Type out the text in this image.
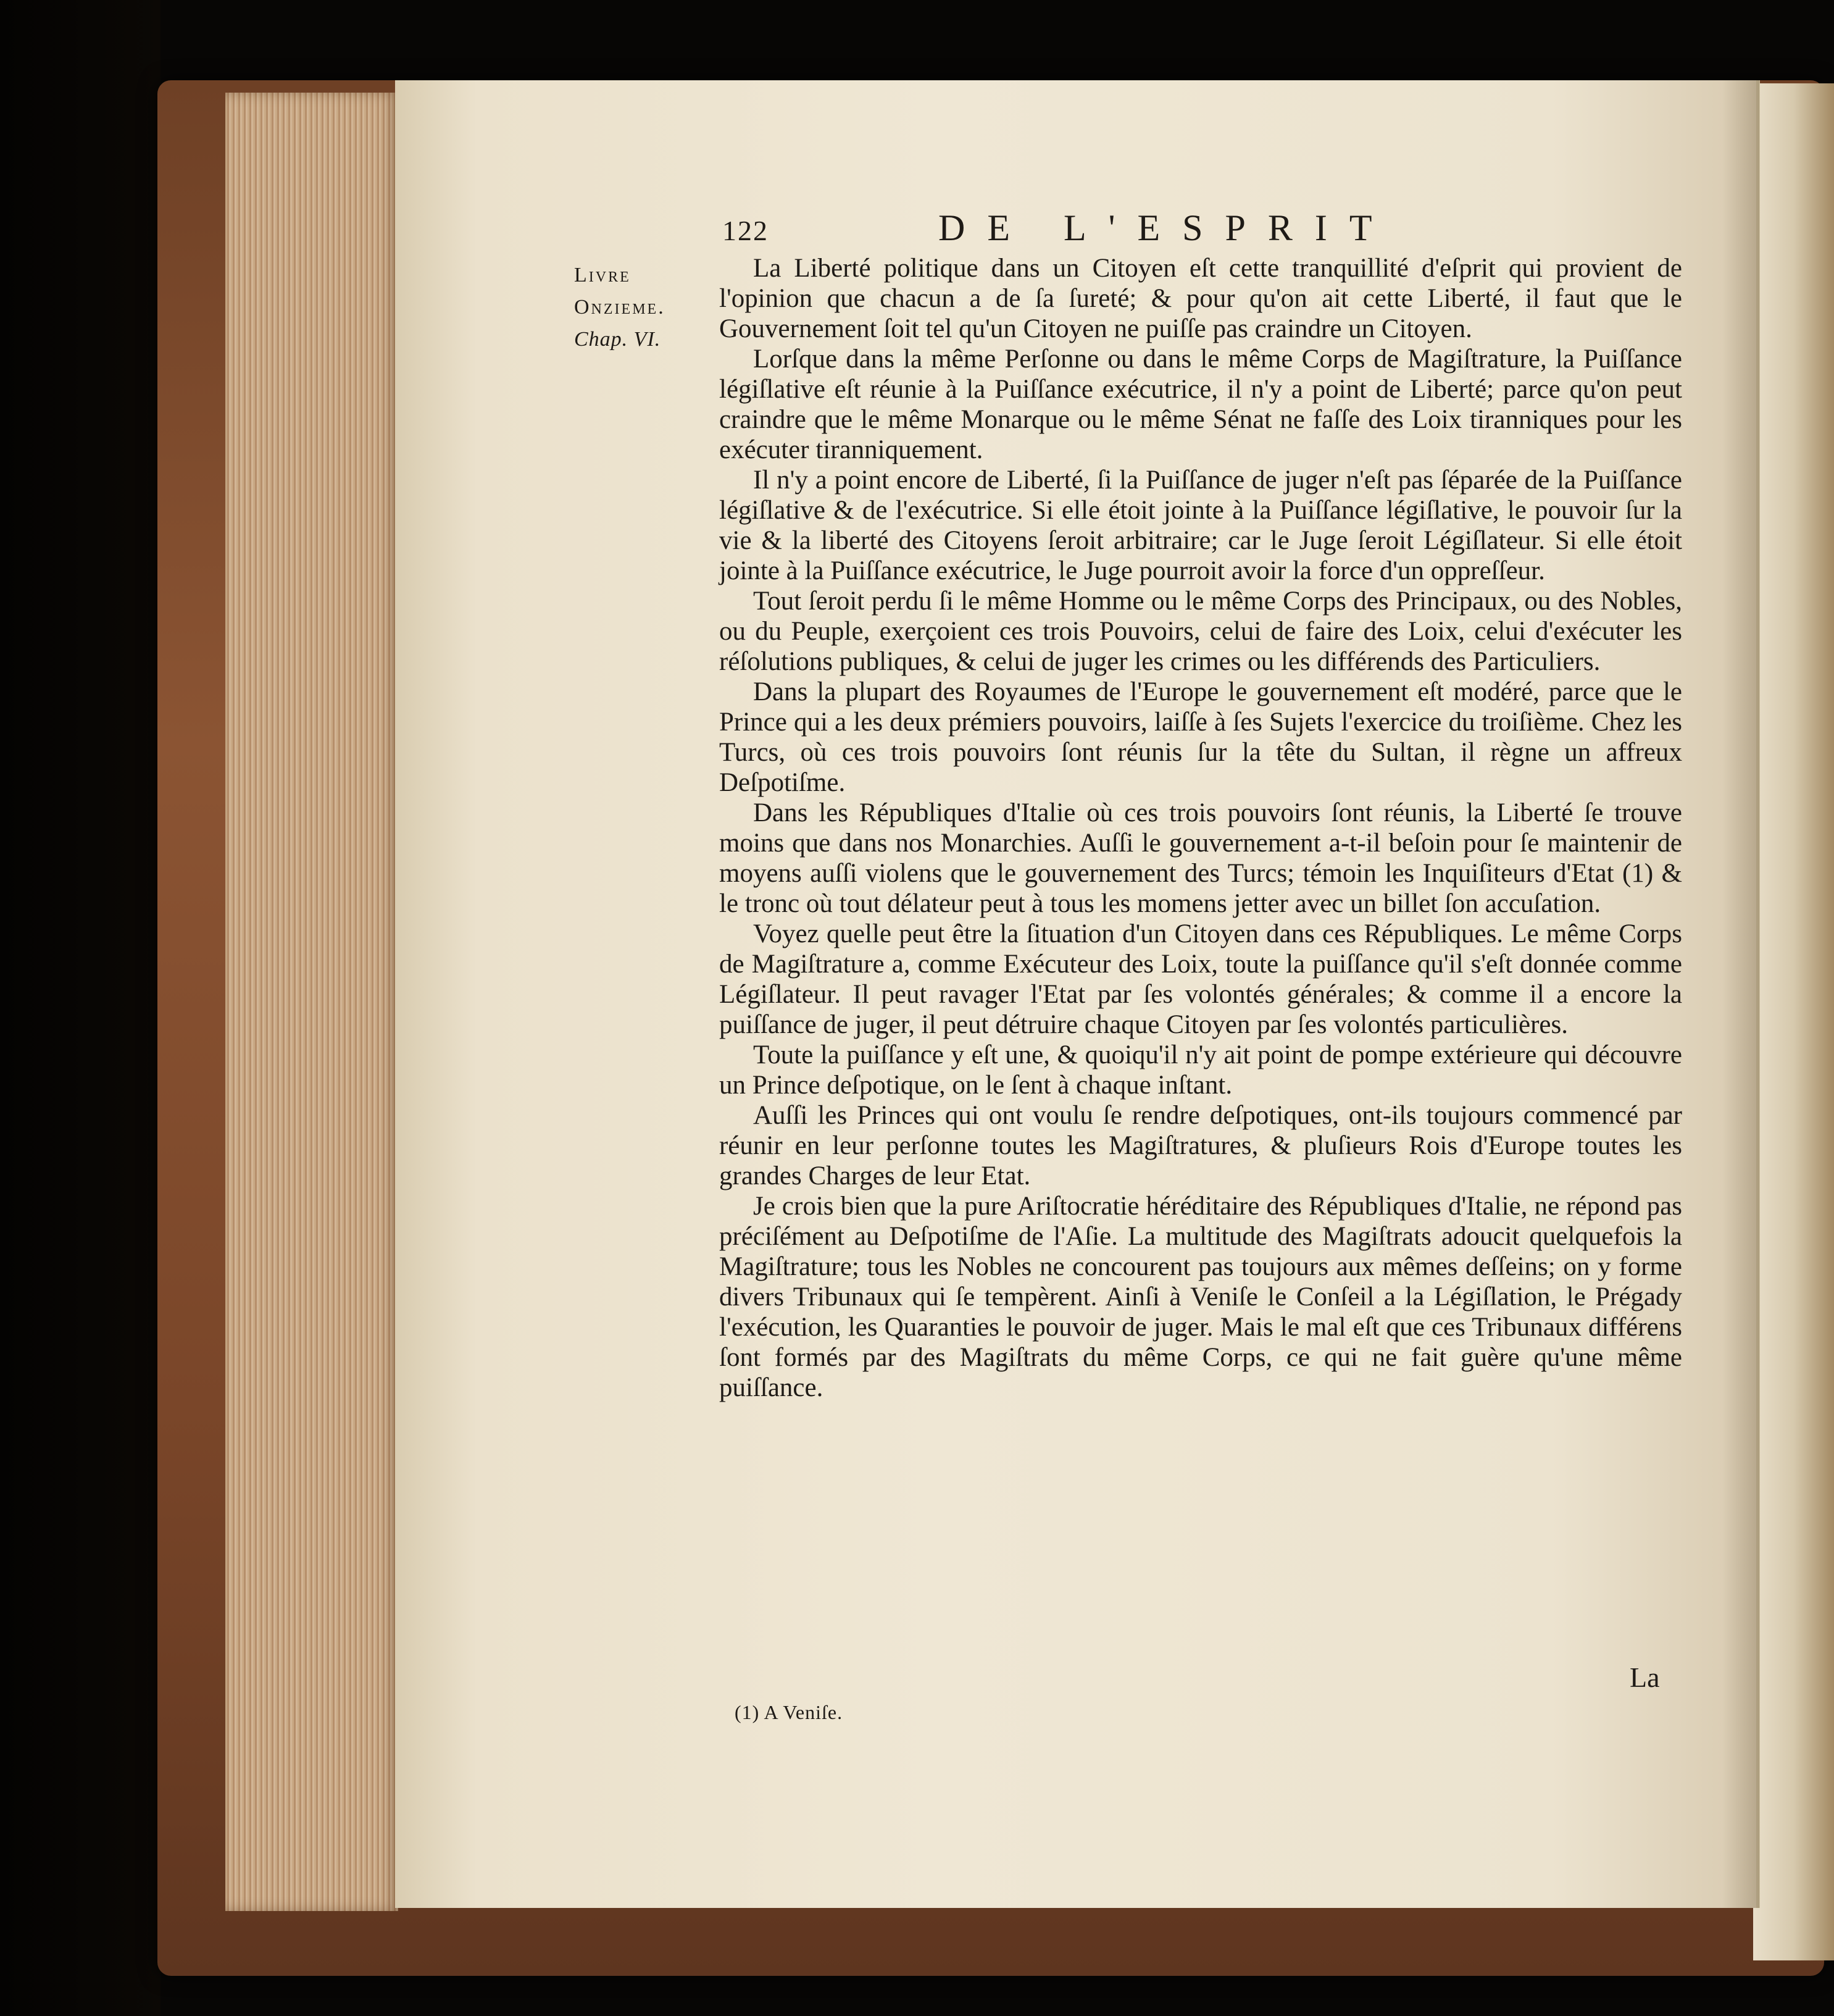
122	DE L'ESPRIT
Livre
Onzieme.
Chap. VI.

La Liberté politique dans un Citoyen eſt cette tranquillité d'eſprit qui provient de l'opinion que chacun a de ſa ſureté; & pour qu'on ait cette Liberté, il faut que le Gouvernement ſoit tel qu'un Citoyen ne puiſſe pas craindre un Citoyen.

Lorſque dans la même Perſonne ou dans le même Corps de Magiſtrature, la Puiſſance légiſlative eſt réunie à la Puiſſance exécutrice, il n'y a point de Liberté; parce qu'on peut craindre que le même Monarque ou le même Sénat ne faſſe des Loix tiranniques pour les exécuter tiranniquement.

Il n'y a point encore de Liberté, ſi la Puiſſance de juger n'eſt pas ſéparée de la Puiſſance légiſlative & de l'exécutrice. Si elle étoit jointe à la Puiſſance légiſlative, le pouvoir ſur la vie & la liberté des Citoyens ſeroit arbitraire; car le Juge ſeroit Légiſlateur. Si elle étoit jointe à la Puiſſance exécutrice, le Juge pourroit avoir la force d'un oppreſſeur.

Tout ſeroit perdu ſi le même Homme ou le même Corps des Principaux, ou des Nobles, ou du Peuple, exerçoient ces trois Pouvoirs, celui de faire des Loix, celui d'exécuter les réſolutions publiques, & celui de juger les crimes ou les différends des Particuliers.

Dans la plupart des Royaumes de l'Europe le gouvernement eſt modéré, parce que le Prince qui a les deux prémiers pouvoirs, laiſſe à ſes Sujets l'exercice du troiſième. Chez les Turcs, où ces trois pouvoirs ſont réunis ſur la tête du Sultan, il règne un affreux Deſpotiſme.

Dans les Républiques d'Italie où ces trois pouvoirs ſont réunis, la Liberté ſe trouve moins que dans nos Monarchies. Auſſi le gouvernement a-t-il beſoin pour ſe maintenir de moyens auſſi violens que le gouvernement des Turcs; témoin les Inquiſiteurs d'Etat (1) & le tronc où tout délateur peut à tous les momens jetter avec un billet ſon accuſation.

Voyez quelle peut être la ſituation d'un Citoyen dans ces Républiques. Le même Corps de Magiſtrature a, comme Exécuteur des Loix, toute la puiſſance qu'il s'eſt donnée comme Légiſlateur. Il peut ravager l'Etat par ſes volontés générales; & comme il a encore la puiſſance de juger, il peut détruire chaque Citoyen par ſes volontés particulières.

Toute la puiſſance y eſt une, & quoiqu'il n'y ait point de pompe extérieure qui découvre un Prince deſpotique, on le ſent à chaque inſtant.

Auſſi les Princes qui ont voulu ſe rendre deſpotiques, ont-ils toujours commencé par réunir en leur perſonne toutes les Magiſtratures, & pluſieurs Rois d'Europe toutes les grandes Charges de leur Etat.

Je crois bien que la pure Ariſtocratie héréditaire des Républiques d'Italie, ne répond pas préciſément au Deſpotiſme de l'Aſie. La multitude des Magiſtrats adoucit quelquefois la Magiſtrature; tous les Nobles ne concourent pas toujours aux mêmes deſſeins; on y forme divers Tribunaux qui ſe tempèrent. Ainſi à Veniſe le Conſeil a la Légiſlation, le Prégady l'exécution, les Quaranties le pouvoir de juger. Mais le mal eſt que ces Tribunaux différens ſont formés par des Magiſtrats du même Corps, ce qui ne fait guère qu'une même puiſſance.

La
(1) A Veniſe.
